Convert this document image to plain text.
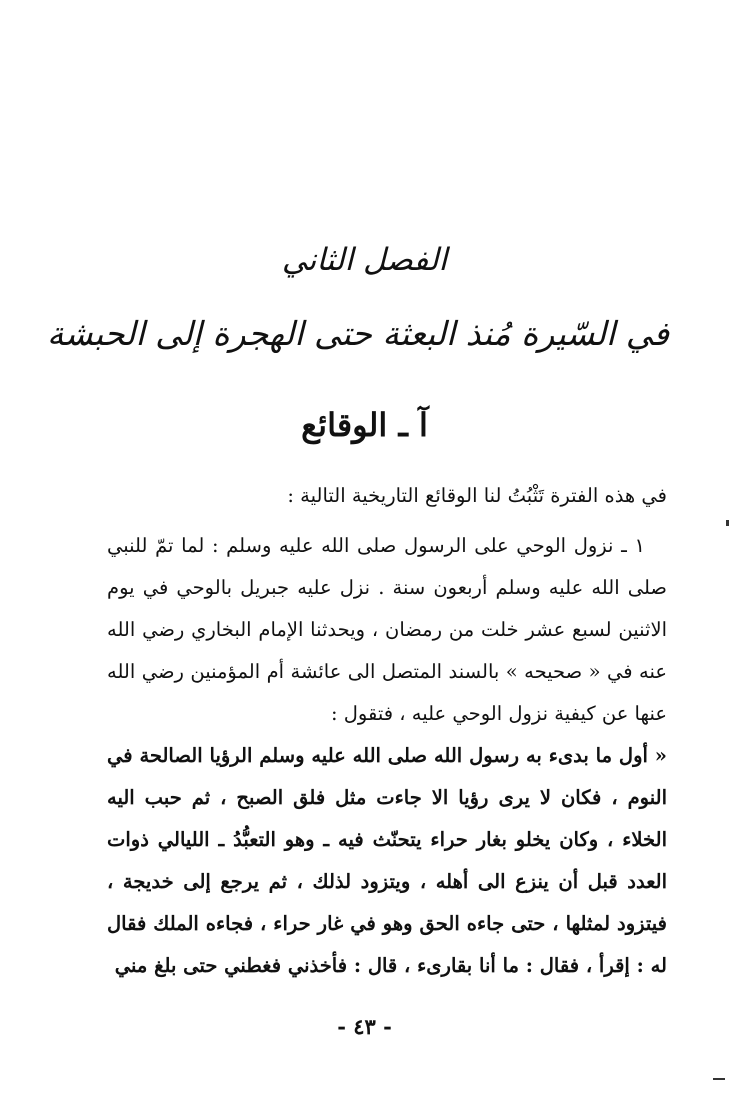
الفصل الثاني
في السّيرة مُنذ البعثة حتى الهجرة إلى الحبشة
آ ـ الوقائع

في هذه الفترة تَثْبُتُ لنا الوقائع التاريخية التالية :

١ ـ نزول الوحي على الرسول صلى الله عليه وسلم : لما تمّ للنبي صلى الله عليه وسلم أربعون سنة . نزل عليه جبريل بالوحي في يوم الاثنين لسبع عشر خلت من رمضان ، ويحدثنا الإمام البخاري رضي الله عنه في « صحيحه » بالسند المتصل الى عائشة أم المؤمنين رضي الله عنها عن كيفية نزول الوحي عليه ، فتقول :

« أول ما بدىء به رسول الله صلى الله عليه وسلم الرؤيا الصالحة في النوم ، فكان لا يرى رؤيا الا جاءت مثل فلق الصبح ، ثم حبب اليه الخلاء ، وكان يخلو بغار حراء يتحنّث فيه ـ وهو التعبُّدُ ـ الليالي ذوات العدد قبل أن ينزع الى أهله ، ويتزود لذلك ، ثم يرجع إلى خديجة ، فيتزود لمثلها ، حتى جاءه الحق وهو في غار حراء ، فجاءه الملك فقال له : إقرأ ، فقال : ما أنا بقارىء ، قال : فأخذني فغطني حتى بلغ مني

- ٤٣ -
